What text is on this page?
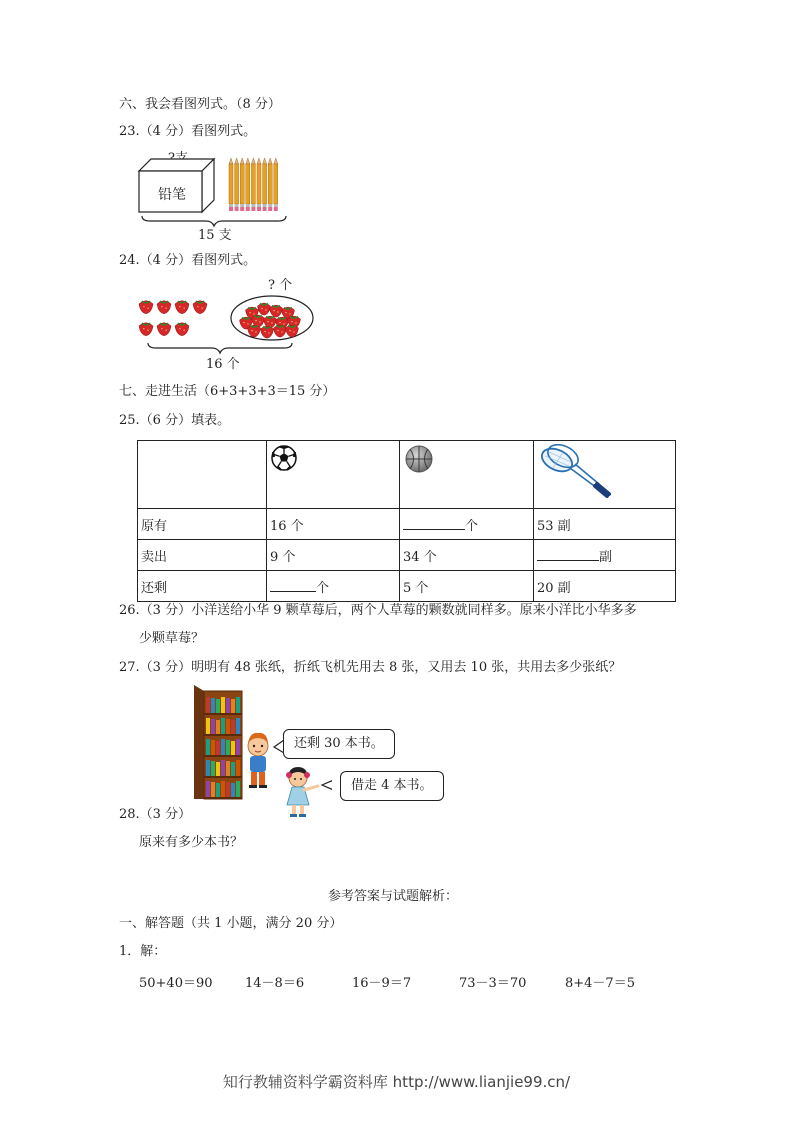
六、我会看图列式。（8 分）
23.（4 分）看图列式。
铅笔
15 支
24.（4 分）看图列式。
? 个
16 个
七、走进生活（6+3+3+3＝15 分）
25.（6 分）填表。

原有	16 个	个	53 副
卖出	9 个	34 个	副
还剩	个	5 个	20 副
26.（3 分）小洋送给小华 9 颗草莓后，两个人草莓的颗数就同样多。原来小洋比小华多多
少颗草莓？
27.（3 分）明明有 48 张纸，折纸飞机先用去 8 张，又用去 10 张，共用去多少张纸？
还剩 30 本书。
借走 4 本书。
28.（3 分）
原来有多少本书？
参考答案与试题解析：
一、解答题（共 1 小题，满分 20 分）
1．解：
50+40＝90 14－8＝6	16－9＝7	73－3＝70	8+4－7＝5
知行教辅资料学霸资料库 http://www.lianjie99.cn/
